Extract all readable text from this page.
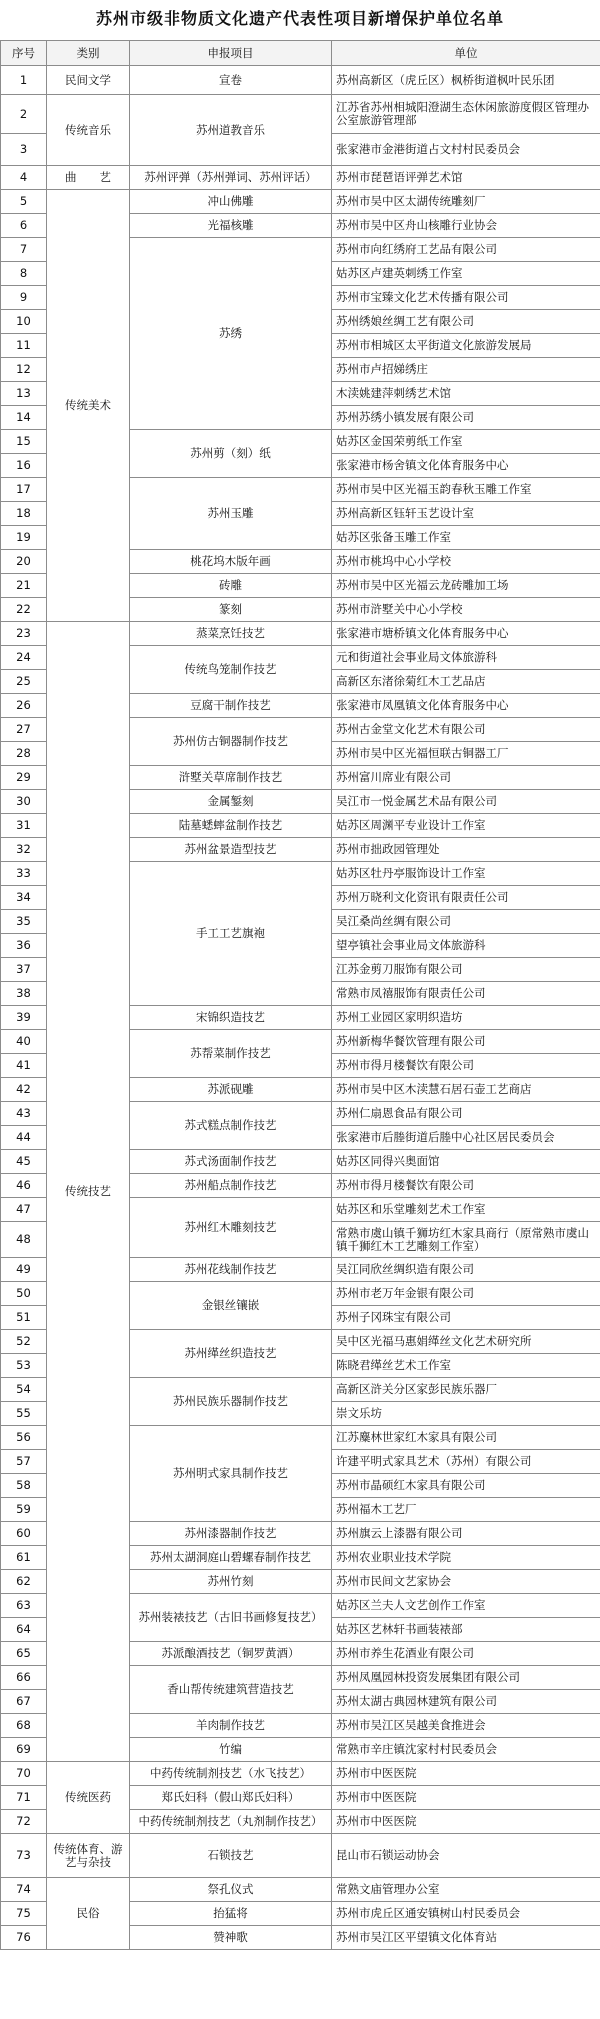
苏州市级非物质文化遗产代表性项目新增保护单位名单
序号	类别	申报项目	单位
1	民间文学	宣卷	苏州高新区（虎丘区）枫桥街道枫叶民乐团
2	传统音乐	苏州道教音乐	江苏省苏州相城阳澄湖生态休闲旅游度假区管理办公室旅游管理部
3			张家港市金港街道占文村村民委员会
4	曲　　艺	苏州评弹（苏州弹词、苏州评话）	苏州市琵琶语评弹艺术馆
5	传统美术	冲山佛雕	苏州市吴中区太湖传统雕刻厂
6		光福核雕	苏州市吴中区舟山核雕行业协会
7		苏绣	苏州市向红绣府工艺品有限公司
8			姑苏区卢建英刺绣工作室
9			苏州市宝臻文化艺术传播有限公司
10			苏州绣娘丝绸工艺有限公司
11			苏州市相城区太平街道文化旅游发展局
12			苏州市卢招娣绣庄
13			木渎姚建萍刺绣艺术馆
14			苏州苏绣小镇发展有限公司
15		苏州剪（刻）纸	姑苏区金国荣剪纸工作室
16			张家港市杨舍镇文化体育服务中心
17		苏州玉雕	苏州市吴中区光福玉韵春秋玉雕工作室
18			苏州高新区钰轩玉艺设计室
19			姑苏区张备玉雕工作室
20		桃花坞木版年画	苏州市桃坞中心小学校
21		砖雕	苏州市吴中区光福云龙砖雕加工场
22		篆刻	苏州市浒墅关中心小学校
23	传统技艺	蒸菜烹饪技艺	张家港市塘桥镇文化体育服务中心
24		传统鸟笼制作技艺	元和街道社会事业局文体旅游科
25			高新区东渚徐菊红木工艺品店
26		豆腐干制作技艺	张家港市凤凰镇文化体育服务中心
27		苏州仿古铜器制作技艺	苏州古金堂文化艺术有限公司
28			苏州市吴中区光福恒联古铜器工厂
29		浒墅关草席制作技艺	苏州富川席业有限公司
30		金属錾刻	吴江市一悦金属艺术品有限公司
31		陆墓蟋蟀盆制作技艺	姑苏区周渊平专业设计工作室
32		苏州盆景造型技艺	苏州市拙政园管理处
33		手工工艺旗袍	姑苏区牡丹亭服饰设计工作室
34			苏州万晓利文化资讯有限责任公司
35			吴江桑尚丝绸有限公司
36			望亭镇社会事业局文体旅游科
37			江苏金剪刀服饰有限公司
38			常熟市凤禧服饰有限责任公司
39		宋锦织造技艺	苏州工业园区家明织造坊
40		苏帮菜制作技艺	苏州新梅华餐饮管理有限公司
41			苏州市得月楼餐饮有限公司
42		苏派砚雕	苏州市吴中区木渎慧石居石壶工艺商店
43		苏式糕点制作技艺	苏州仁扇恩食品有限公司
44			张家港市后塍街道后塍中心社区居民委员会
45		苏式汤面制作技艺	姑苏区同得兴奥面馆
46		苏州船点制作技艺	苏州市得月楼餐饮有限公司
47		苏州红木雕刻技艺	姑苏区和乐堂雕刻艺术工作室
48			常熟市虞山镇千狮坊红木家具商行（原常熟市虞山镇千狮红木工艺雕刻工作室）
49		苏州花线制作技艺	吴江同欣丝绸织造有限公司
50		金银丝镶嵌	苏州市老万年金银有限公司
51			苏州子冈珠宝有限公司
52		苏州缂丝织造技艺	吴中区光福马惠娟缂丝文化艺术研究所
53			陈晓君缂丝艺术工作室
54		苏州民族乐器制作技艺	高新区浒关分区家彭民族乐器厂
55			崇文乐坊
56		苏州明式家具制作技艺	江苏麋林世家红木家具有限公司
57			许建平明式家具艺术（苏州）有限公司
58			苏州市晶硕红木家具有限公司
59			苏州福木工艺厂
60		苏州漆器制作技艺	苏州旗云上漆器有限公司
61		苏州太湖洞庭山碧螺春制作技艺	苏州农业职业技术学院
62		苏州竹刻	苏州市民间文艺家协会
63		苏州装裱技艺（古旧书画修复技艺）	姑苏区兰夫人文艺创作工作室
64			姑苏区艺林轩书画装裱部
65		苏派酿酒技艺（铜罗黄酒）	苏州市养生花酒业有限公司
66		香山帮传统建筑营造技艺	苏州凤凰园林投资发展集团有限公司
67			苏州太湖古典园林建筑有限公司
68		羊肉制作技艺	苏州市吴江区吴越美食推进会
69		竹编	常熟市辛庄镇沈家村村民委员会
70	传统医药	中药传统制剂技艺（水飞技艺）	苏州市中医医院
71		郑氏妇科（假山郑氏妇科）	苏州市中医医院
72		中药传统制剂技艺（丸剂制作技艺）	苏州市中医医院
73	传统体育、游艺与杂技	石锁技艺	昆山市石锁运动协会
74	民俗	祭孔仪式	常熟文庙管理办公室
75		抬猛将	苏州市虎丘区通安镇树山村民委员会
76		赞神歌	苏州市吴江区平望镇文化体育站
